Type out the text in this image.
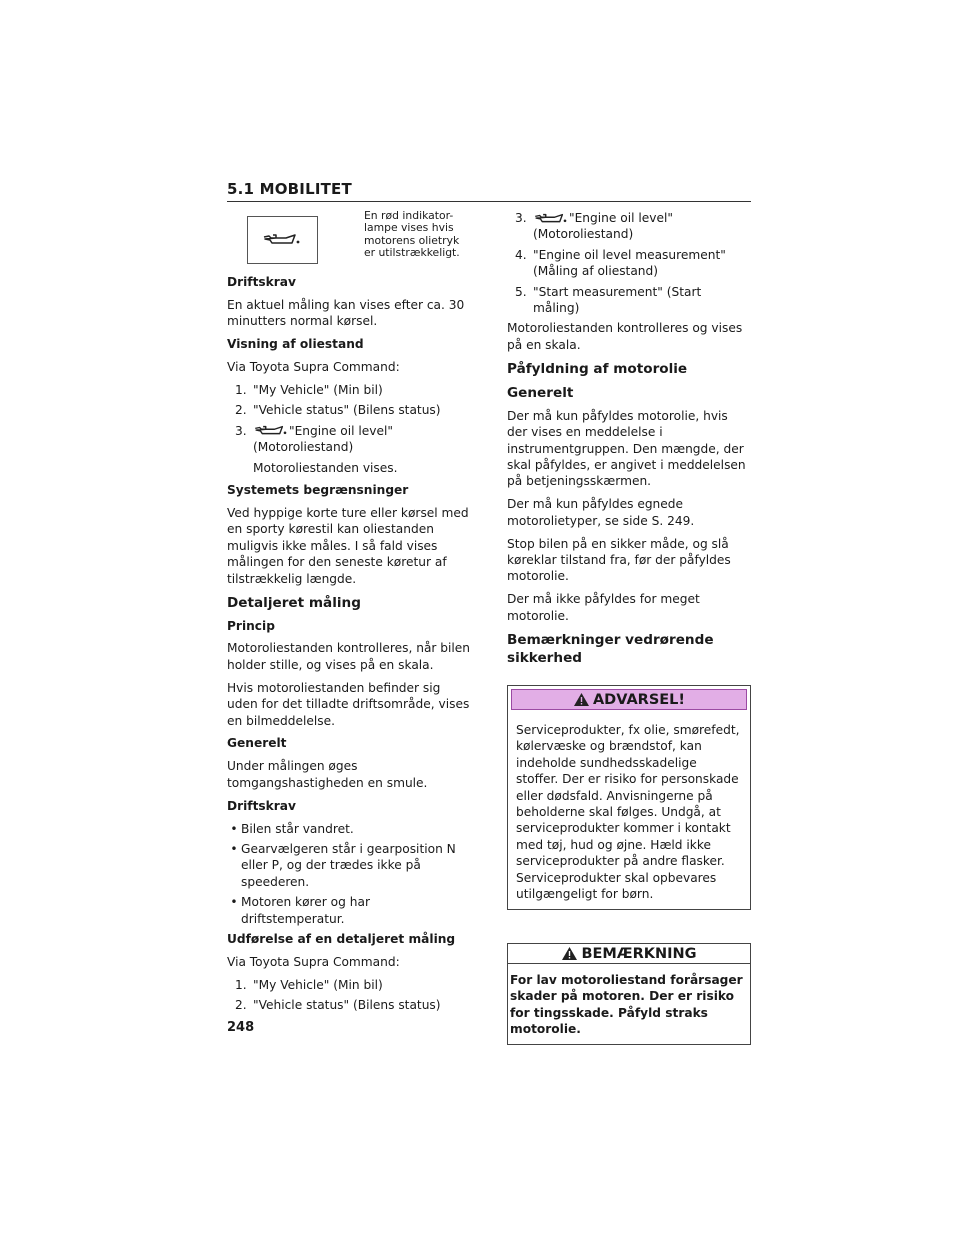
5.1 MOBILITET
En rød indikator-lampe vises hvis motorens olietryk er utilstrækkeligt.
Driftskrav

En aktuel måling kan vises efter ca. 30 minutters normal kørsel.

Visning af oliestand

Via Toyota Supra Command:

1. "My Vehicle" (Min bil)
2. "Vehicle status" (Bilens status)
3.	"Engine oil level" (Motoroliestand)
Motoroliestanden vises.
Systemets begrænsninger

Ved hyppige korte ture eller kørsel med en sporty kørestil kan oliestanden muligvis ikke måles. I så fald vises målingen for den seneste køretur af tilstrækkelig længde.

Detaljeret måling
Princip

Motoroliestanden kontrolleres, når bilen holder stille, og vises på en skala.

Hvis motoroliestanden befinder sig uden for det tilladte driftsområde, vises en bilmeddelelse.

Generelt

Under målingen øges tomgangshastigheden en smule.

Driftskrav
• Bilen står vandret.
• Gearvælgeren står i gearposition N eller P, og der trædes ikke på speederen.
• Motoren kører og har driftstemperatur.
Udførelse af en detaljeret måling

Via Toyota Supra Command:

1. "My Vehicle" (Min bil)
2. "Vehicle status" (Bilens status)
3.	"Engine oil level" (Motoroliestand)
4. "Engine oil level measurement" (Måling af oliestand)
5. "Start measurement" (Start måling)

Motoroliestanden kontrolleres og vises på en skala.

Påfyldning af motorolie
Generelt

Der må kun påfyldes motorolie, hvis der vises en meddelelse i instrumentgruppen. Den mængde, der skal påfyldes, er angivet i meddelelsen på betjeningsskærmen.

Der må kun påfyldes egnede motorolietyper, se side S. 249.

Stop bilen på en sikker måde, og slå køreklar tilstand fra, før der påfyldes motorolie.

Der må ikke påfyldes for meget motorolie.

Bemærkninger vedrørende sikkerhed
ADVARSEL!
Serviceprodukter, fx olie, smørefedt, kølervæske og brændstof, kan indeholde sundhedsskadelige stoffer. Der er risiko for personskade eller dødsfald. Anvisningerne på beholderne skal følges. Undgå, at serviceprodukter kommer i kontakt med tøj, hud og øjne. Hæld ikke serviceprodukter på andre flasker. Serviceprodukter skal opbevares utilgængeligt for børn.
BEMÆRKNING
For lav motoroliestand forårsager skader på motoren. Der er risiko for tingsskade. Påfyld straks motorolie.
248
